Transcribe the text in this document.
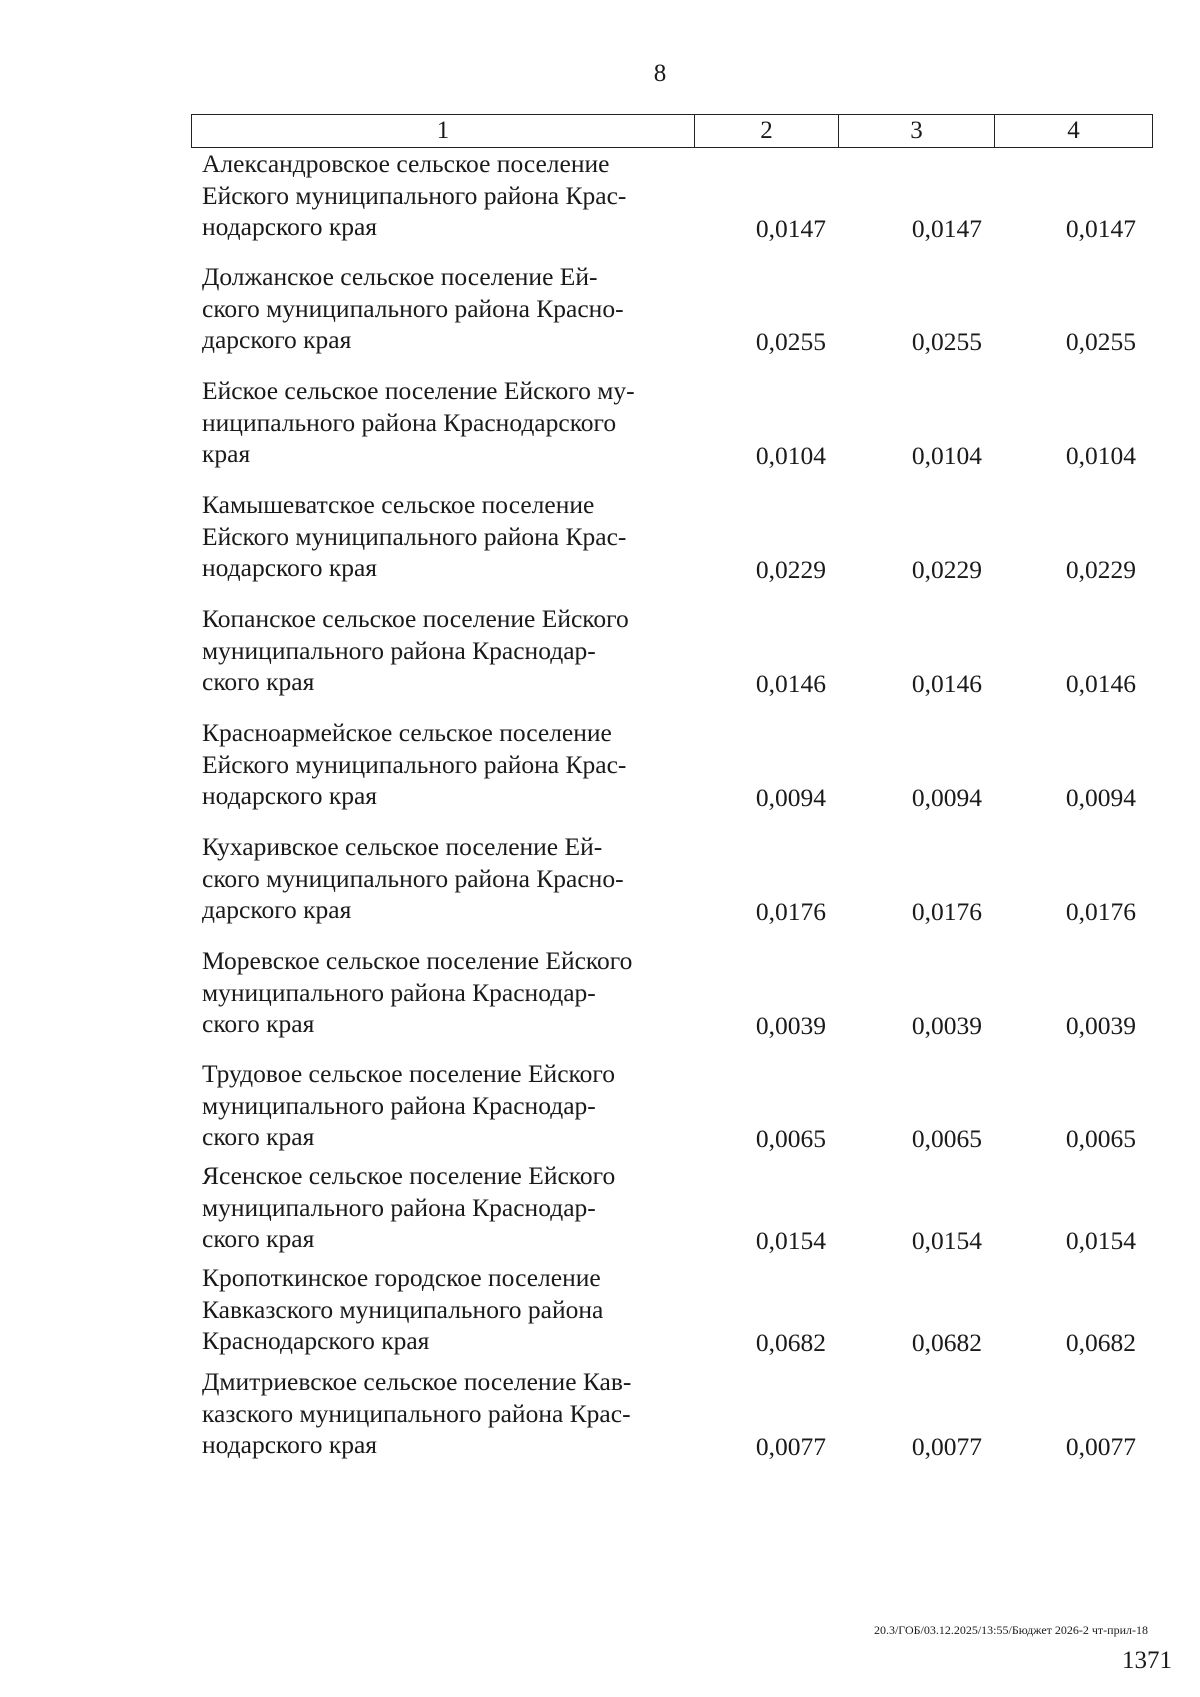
8
1	2	3	4
Александровское сельское поселение
Ейского муниципального района Крас-
нодарского края	0,0147	0,0147	0,0147
Должанское сельское поселение Ей-
ского муниципального района Красно-
дарского края	0,0255	0,0255	0,0255
Ейское сельское поселение Ейского му-
ниципального района Краснодарского
края	0,0104	0,0104	0,0104
Камышеватское сельское поселение
Ейского муниципального района Крас-
нодарского края	0,0229	0,0229	0,0229
Копанское сельское поселение Ейского
муниципального района Краснодар-
ского края	0,0146	0,0146	0,0146
Красноармейское сельское поселение
Ейского муниципального района Крас-
нодарского края	0,0094	0,0094	0,0094
Кухаривское сельское поселение Ей-
ского муниципального района Красно-
дарского края	0,0176	0,0176	0,0176
Моревское сельское поселение Ейского
муниципального района Краснодар-
ского края	0,0039	0,0039	0,0039
Трудовое сельское поселение Ейского
муниципального района Краснодар-
ского края	0,0065	0,0065	0,0065
Ясенское сельское поселение Ейского
муниципального района Краснодар-
ского края	0,0154	0,0154	0,0154
Кропоткинское городское поселение
Кавказского муниципального района
Краснодарского края	0,0682	0,0682	0,0682
Дмитриевское сельское поселение Кав-
казского муниципального района Крас-
нодарского края	0,0077	0,0077	0,0077
20.3/ГОБ/03.12.2025/13:55/Бюджет 2026-2 чт-прил-18
1371
